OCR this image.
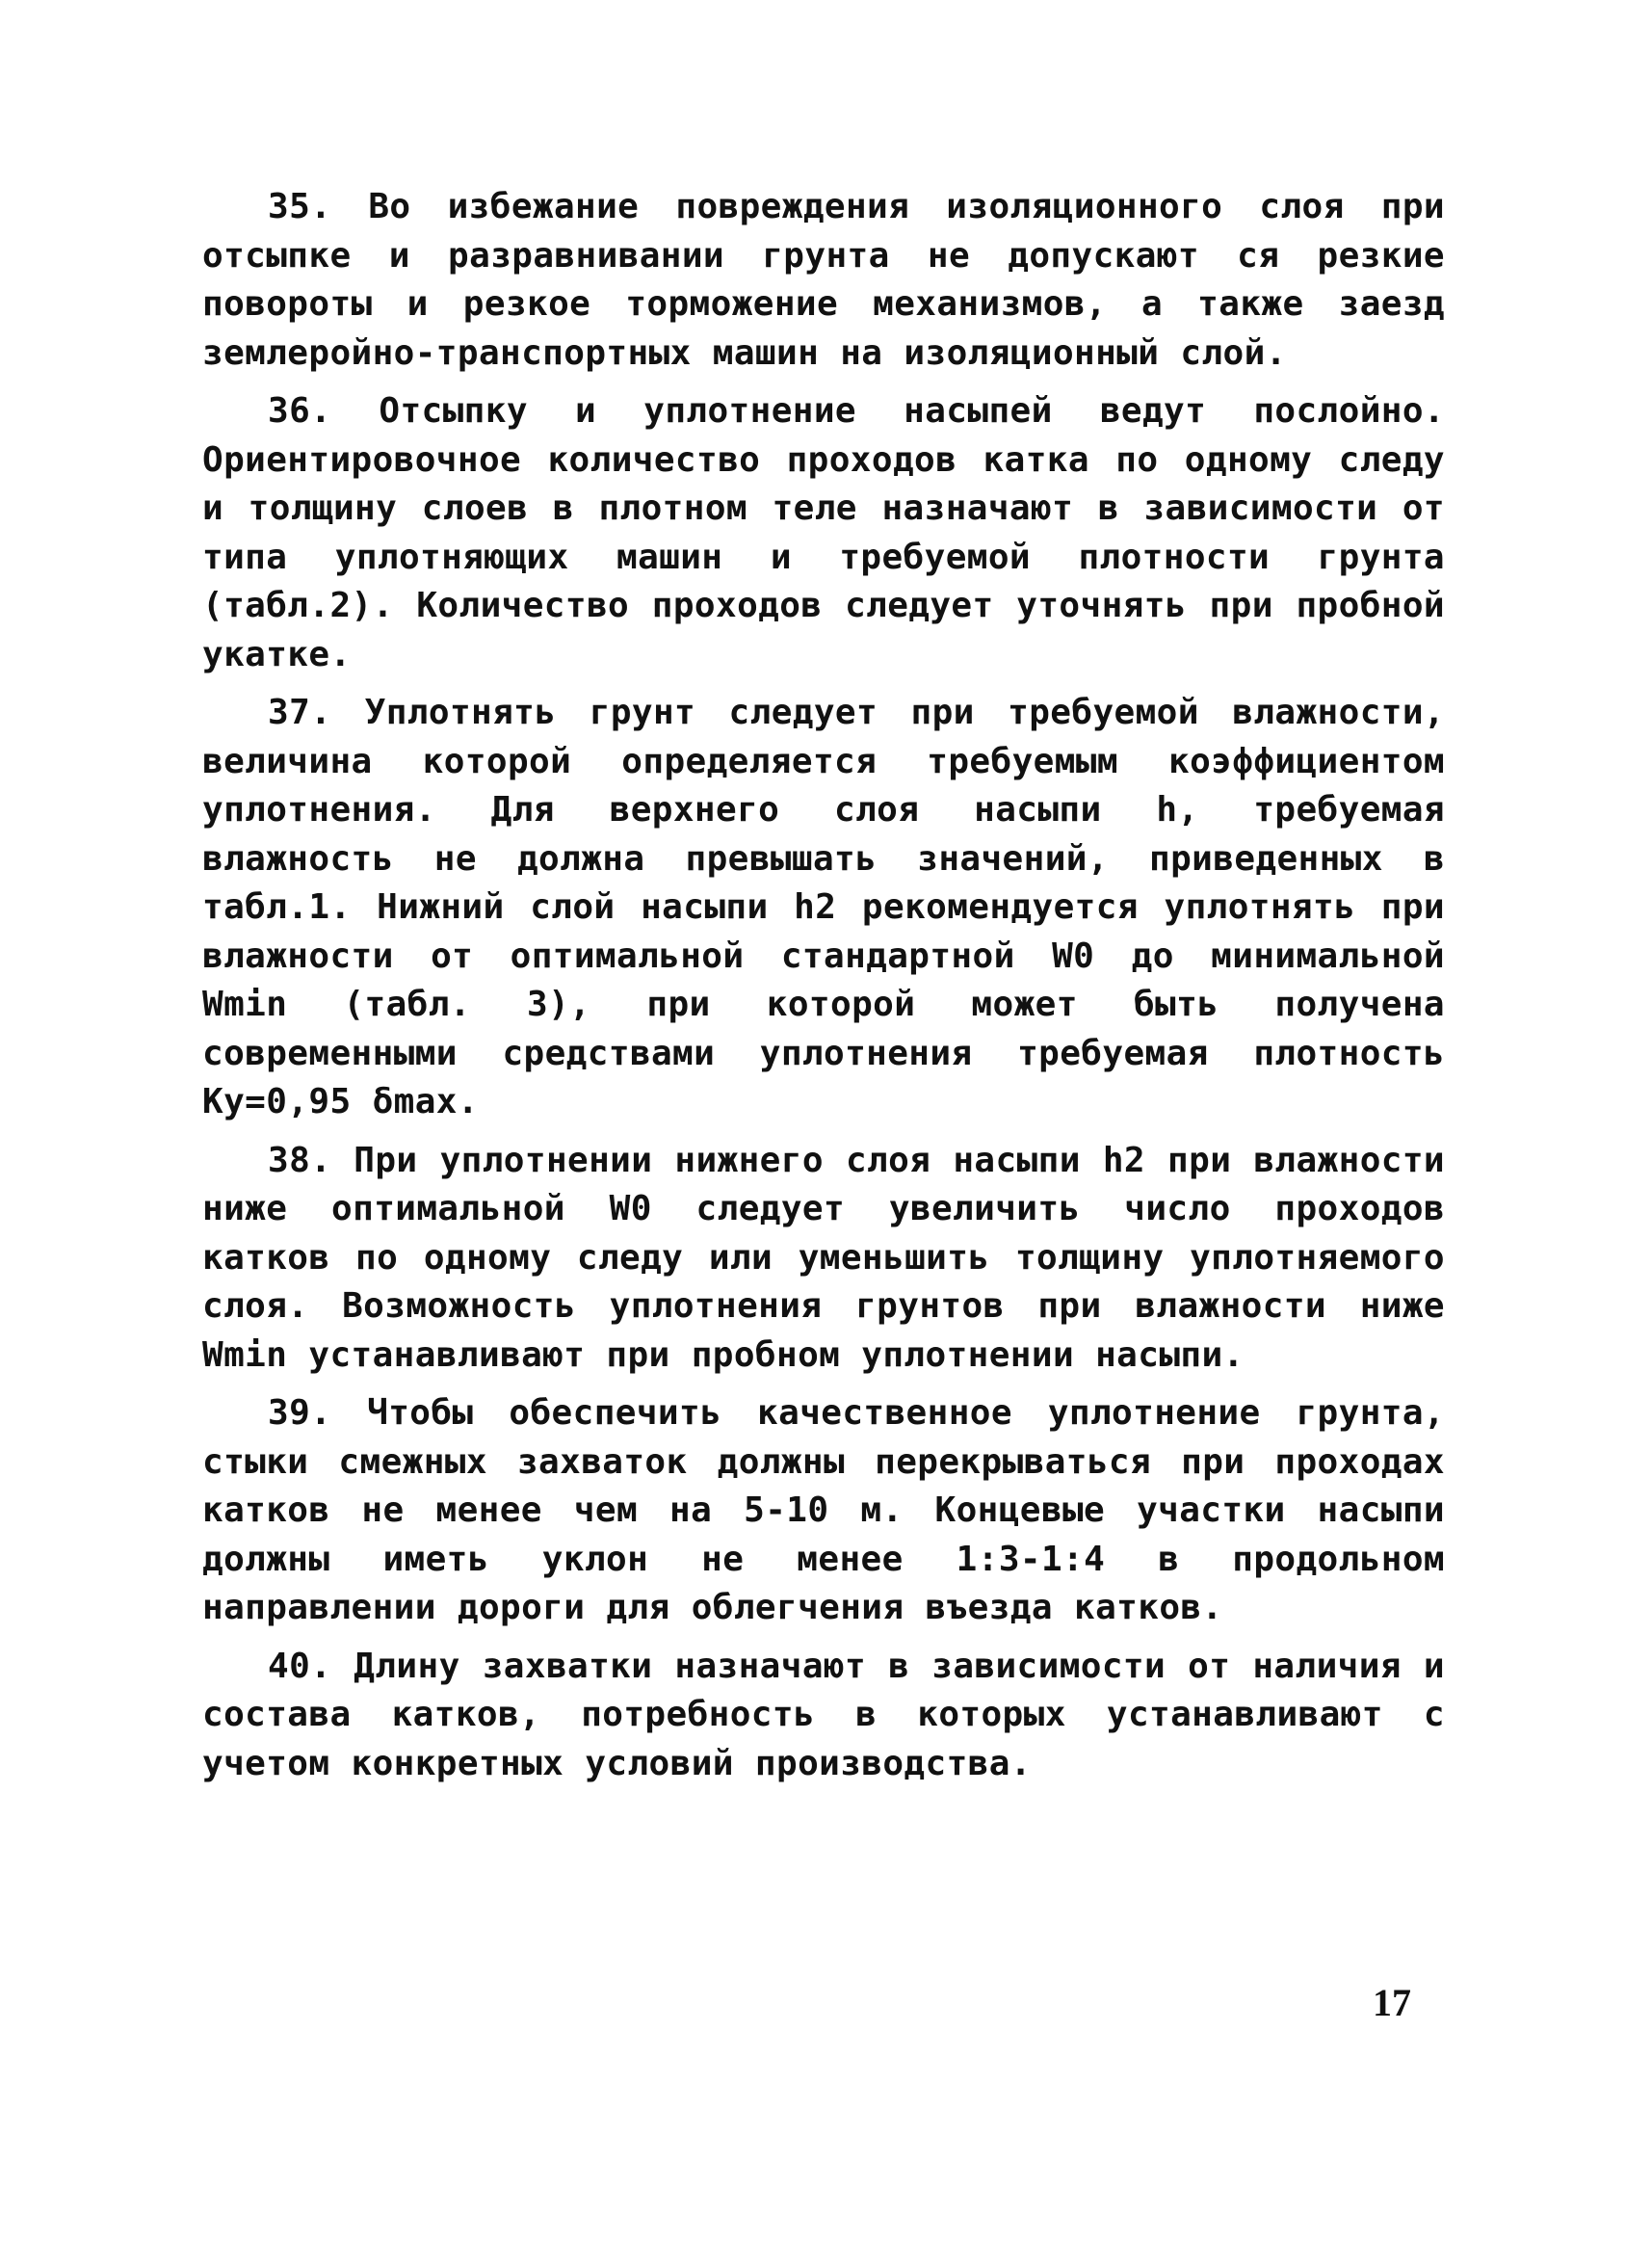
35. Во избежание повреждения изоляционного слоя при отсыпке и разравнивании грунта не допускают ся резкие повороты и резкое торможение механизмов, а также заезд землеройно-транспортных машин на изоляционный слой.

36. Отсыпку и уплотнение насыпей ведут послойно. Ориентировочное количество проходов катка по одному следу и толщину слоев в плотном теле назначают в зависимости от типа уплотняющих машин и требуемой плотности грунта (табл.2). Количество проходов следует уточнять при пробной укатке.

37. Уплотнять грунт следует при требуемой влажности, величина которой определяется требуемым коэффициентом уплотнения. Для верхнего слоя насыпи h, требуемая влажность не должна превышать значений, приведенных в табл.1. Нижний слой насыпи h2 рекомендуется уплотнять при влажности от оптимальной стандартной W0 до минимальной Wmin (табл. 3), при которой может быть получена современными средствами уплотнения требуемая плотность Ky=0,95 δmax.

38. При уплотнении нижнего слоя насыпи h2 при влажности ниже оптимальной W0 следует увеличить число проходов катков по одному следу или уменьшить толщину уплотняемого слоя. Возможность уплотнения грунтов при влажности ниже Wmin устанавливают при пробном уплотнении насыпи.

39. Чтобы обеспечить качественное уплотнение грунта, стыки смежных захваток должны перекрываться при проходах катков не менее чем на 5-10 м. Концевые участки насыпи должны иметь уклон не менее 1:3-1:4 в продольном направлении дороги для облегчения въезда катков.

40. Длину захватки назначают в зависимости от наличия и состава катков, потребность в которых устанавливают с учетом конкретных условий производства.

17
